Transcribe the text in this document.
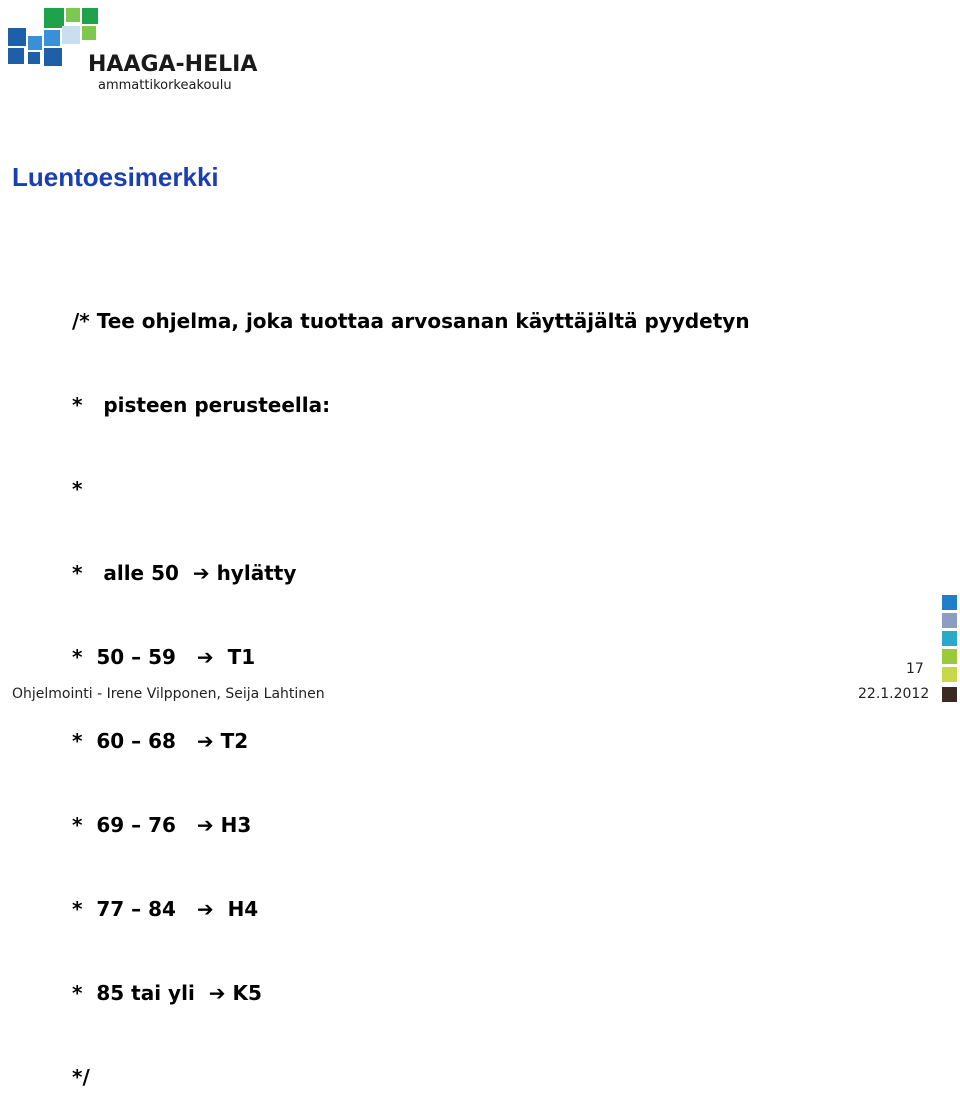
HAAGA-HELIA
ammattikorkeakoulu
Luentoesimerkki

/* Tee ohjelma, joka tuottaa arvosanan käyttäjältä pyydetyn

*   pisteen perusteella:

*

*   alle 50  ➔ hylätty

*  50 – 59   ➔  T1

*  60 – 68   ➔ T2

*  69 – 76   ➔ H3

*  77 – 84   ➔  H4

*  85 tai yli  ➔ K5

*/

17
Ohjelmointi - Irene Vilpponen, Seija Lahtinen	22.1.2012
